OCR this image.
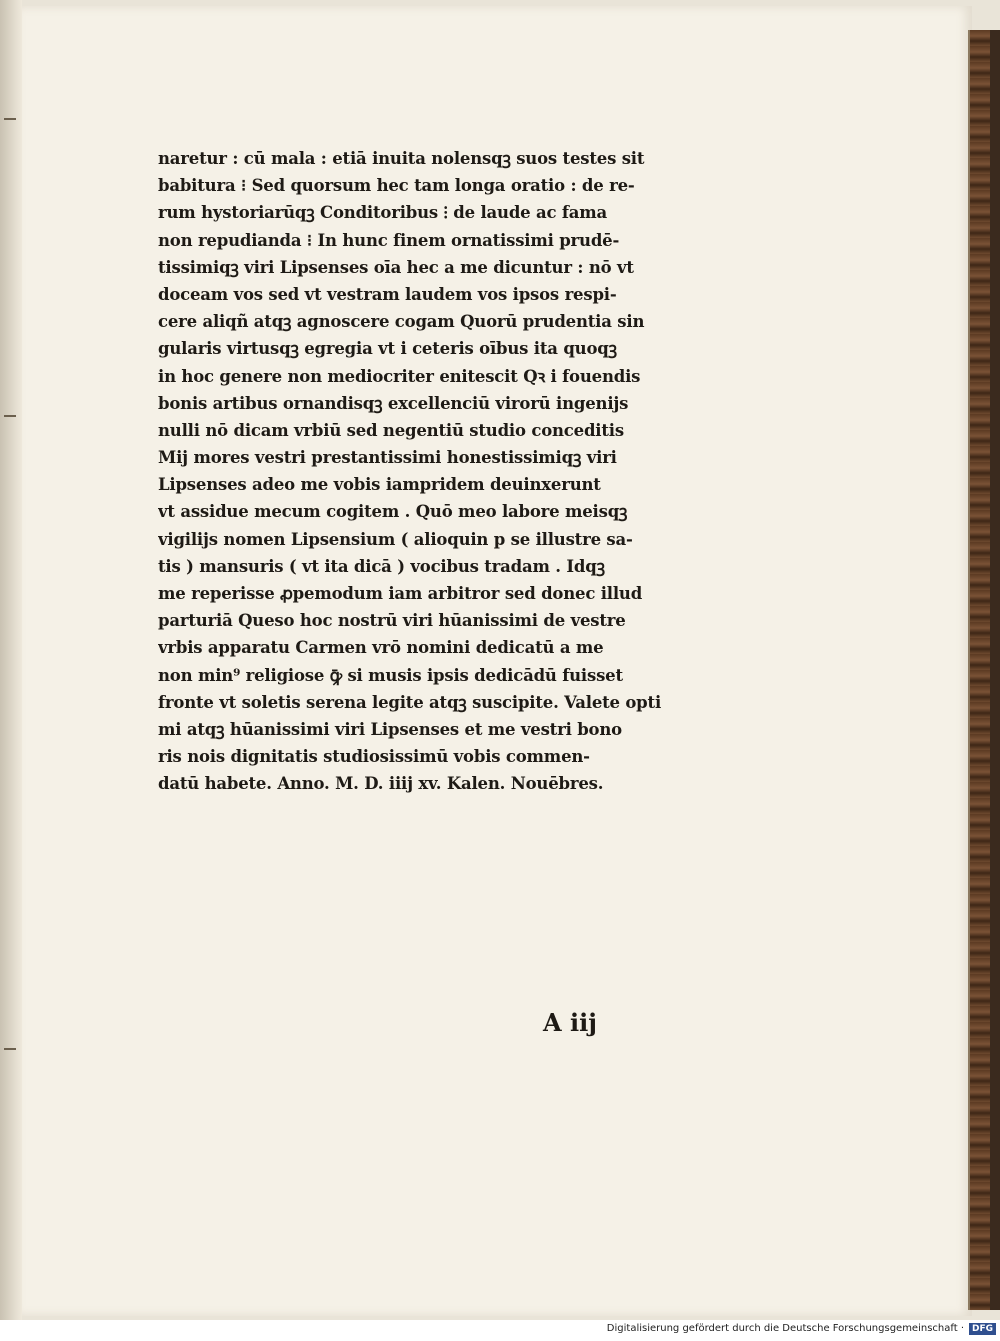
naretur : cū mala : etiā inuita nolensqꝫ suos testes sit
babitura ⁝ Sed quorsum hec tam longa oratio : de re-
rum hystoriarūqꝫ Conditoribus ⁝ de laude ac fama
non repudianda ⁝ In hunc finem ornatissimi prudē-
tissimiqꝫ viri Lipsenses oīa hec a me dicuntur : nō vt
doceam vos sed vt vestram laudem vos ipsos respi-
cere aliqñ atqꝫ agnoscere cogam Quorū prudentia sin
gularis virtusqꝫ egregia vt i ceteris oībus ita quoqꝫ
in hoc genere non mediocriter enitescit Qꝛ i fouendis
bonis artibus ornandisqꝫ excellenciū virorū ingenijs
nulli nō dicam vrbiū sed negentiū studio conceditis
Mij mores vestri prestantissimi honestissimiqꝫ viri
Lipsenses adeo me vobis iampridem deuinxerunt
vt assidue mecum cogitem . Quō meo labore meisqꝫ
vigilijs nomen Lipsensium ( alioquin p se illustre sa-
tis ) mansuris ( vt ita dicā ) vocibus tradam . Idqꝫ
me reperisse ꝓpemodum iam arbitror sed donec illud
parturiā Queso hoc nostrū viri hūanissimi de vestre
vrbis apparatu Carmen vrō nomini dedicatū a me
non min⁹ religiose ꝙ̄ si musis ipsis dedicādū fuisset
fronte vt soletis serena legite atqꝫ suscipite. Valete opti
mi atqꝫ hūanissimi viri Lipsenses et me vestri bono
ris nois dignitatis studiosissimū vobis commen-
datū habete. Anno. M. D. iiij xv. Kalen. Nouēbres.
A iij
Digitalisierung gefördert durch die Deutsche Forschungsgemeinschaft · DFG
